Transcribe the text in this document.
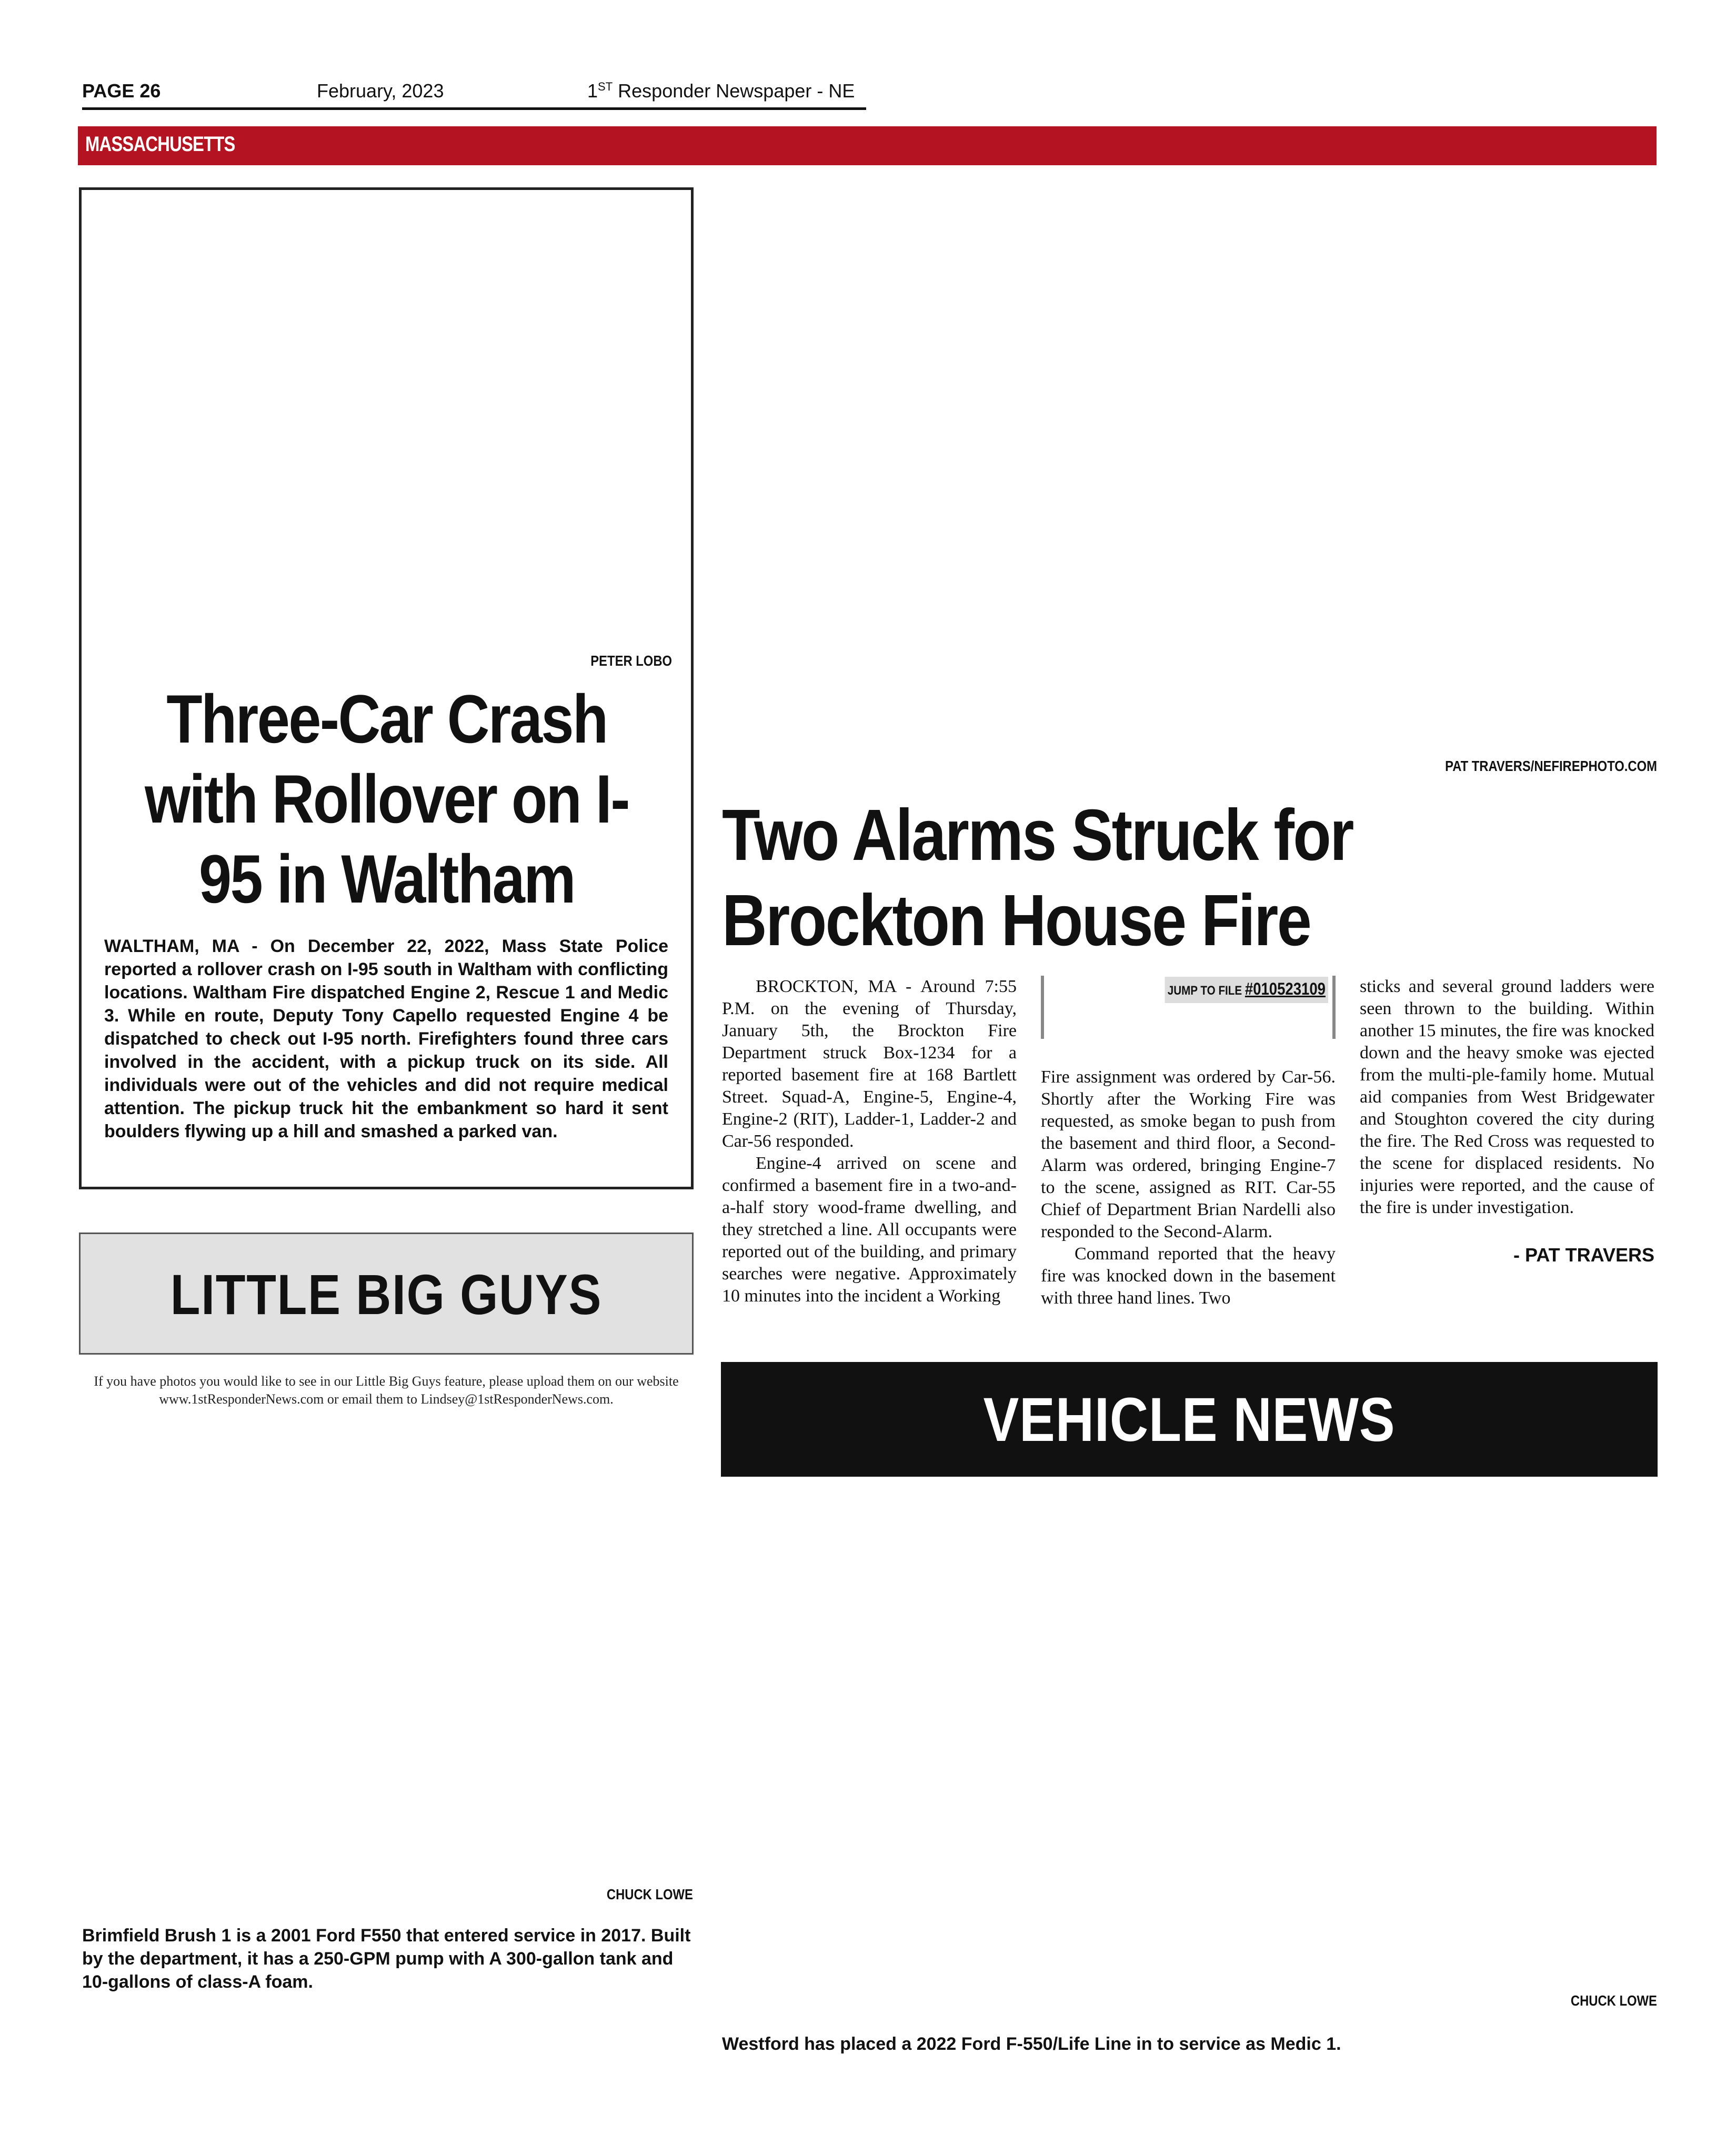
PAGE 26	February, 2023	1ST Responder Newspaper - NE
MASSACHUSETTS
PETER LOBO
Three-Car Crash with Rollover on I-95 in Waltham
WALTHAM, MA - On December 22, 2022, Mass State Police reported a rollover crash on I-95 south in Waltham with conflicting locations. Waltham Fire dispatched Engine 2, Rescue 1 and Medic 3. While en route, Deputy Tony Capello requested Engine 4 be dispatched to check out I-95 north. Firefighters found three cars involved in the accident, with a pickup truck on its side. All individuals were out of the vehicles and did not require medical attention. The pickup truck hit the embankment so hard it sent boulders flywing up a hill and smashed a parked van.
LITTLE BIG GUYS
If you have photos you would like to see in our Little Big Guys feature, please upload them on our website www.1stResponderNews.com or email them to Lindsey@1stResponderNews.com.
PAT TRAVERS/NEFIREPHOTO.COM
Two Alarms Struck for Brockton House Fire

BROCKTON, MA - Around 7:55 P.M. on the evening of Thursday, January 5th, the Brockton Fire Department struck Box-1234 for a reported basement fire at 168 Bartlett Street. Squad-A, Engine-5, Engine-4, Engine-2 (RIT), Ladder-1, Ladder-2 and Car-56 responded.

Engine-4 arrived on scene and confirmed a basement fire in a two-and-a-half story wood-frame dwelling, and they stretched a line. All occupants were reported out of the building, and primary searches were negative. Approximately 10 minutes into the incident a Working

JUMP TO FILE #010523109

Fire assignment was ordered by Car-56. Shortly after the Working Fire was requested, as smoke began to push from the basement and third floor, a Second-Alarm was ordered, bringing Engine-7 to the scene, assigned as RIT. Car-55 Chief of Department Brian Nardelli also responded to the Second-Alarm.

Command reported that the heavy fire was knocked down in the basement with three hand lines. Two

sticks and several ground ladders were seen thrown to the building. Within another 15 minutes, the fire was knocked down and the heavy smoke was ejected from the multi-ple-family home. Mutual aid companies from West Bridgewater and Stoughton covered the city during the fire. The Red Cross was requested to the scene for displaced residents. No injuries were reported, and the cause of the fire is under investigation.

- PAT TRAVERS
VEHICLE NEWS
CHUCK LOWE
Brimfield Brush 1 is a 2001 Ford F550 that entered service in 2017. Built by the department, it has a 250-GPM pump with A 300-gallon tank and 10-gallons of class-A foam.
CHUCK LOWE
Westford has placed a 2022 Ford F-550/Life Line in to service as Medic 1.
